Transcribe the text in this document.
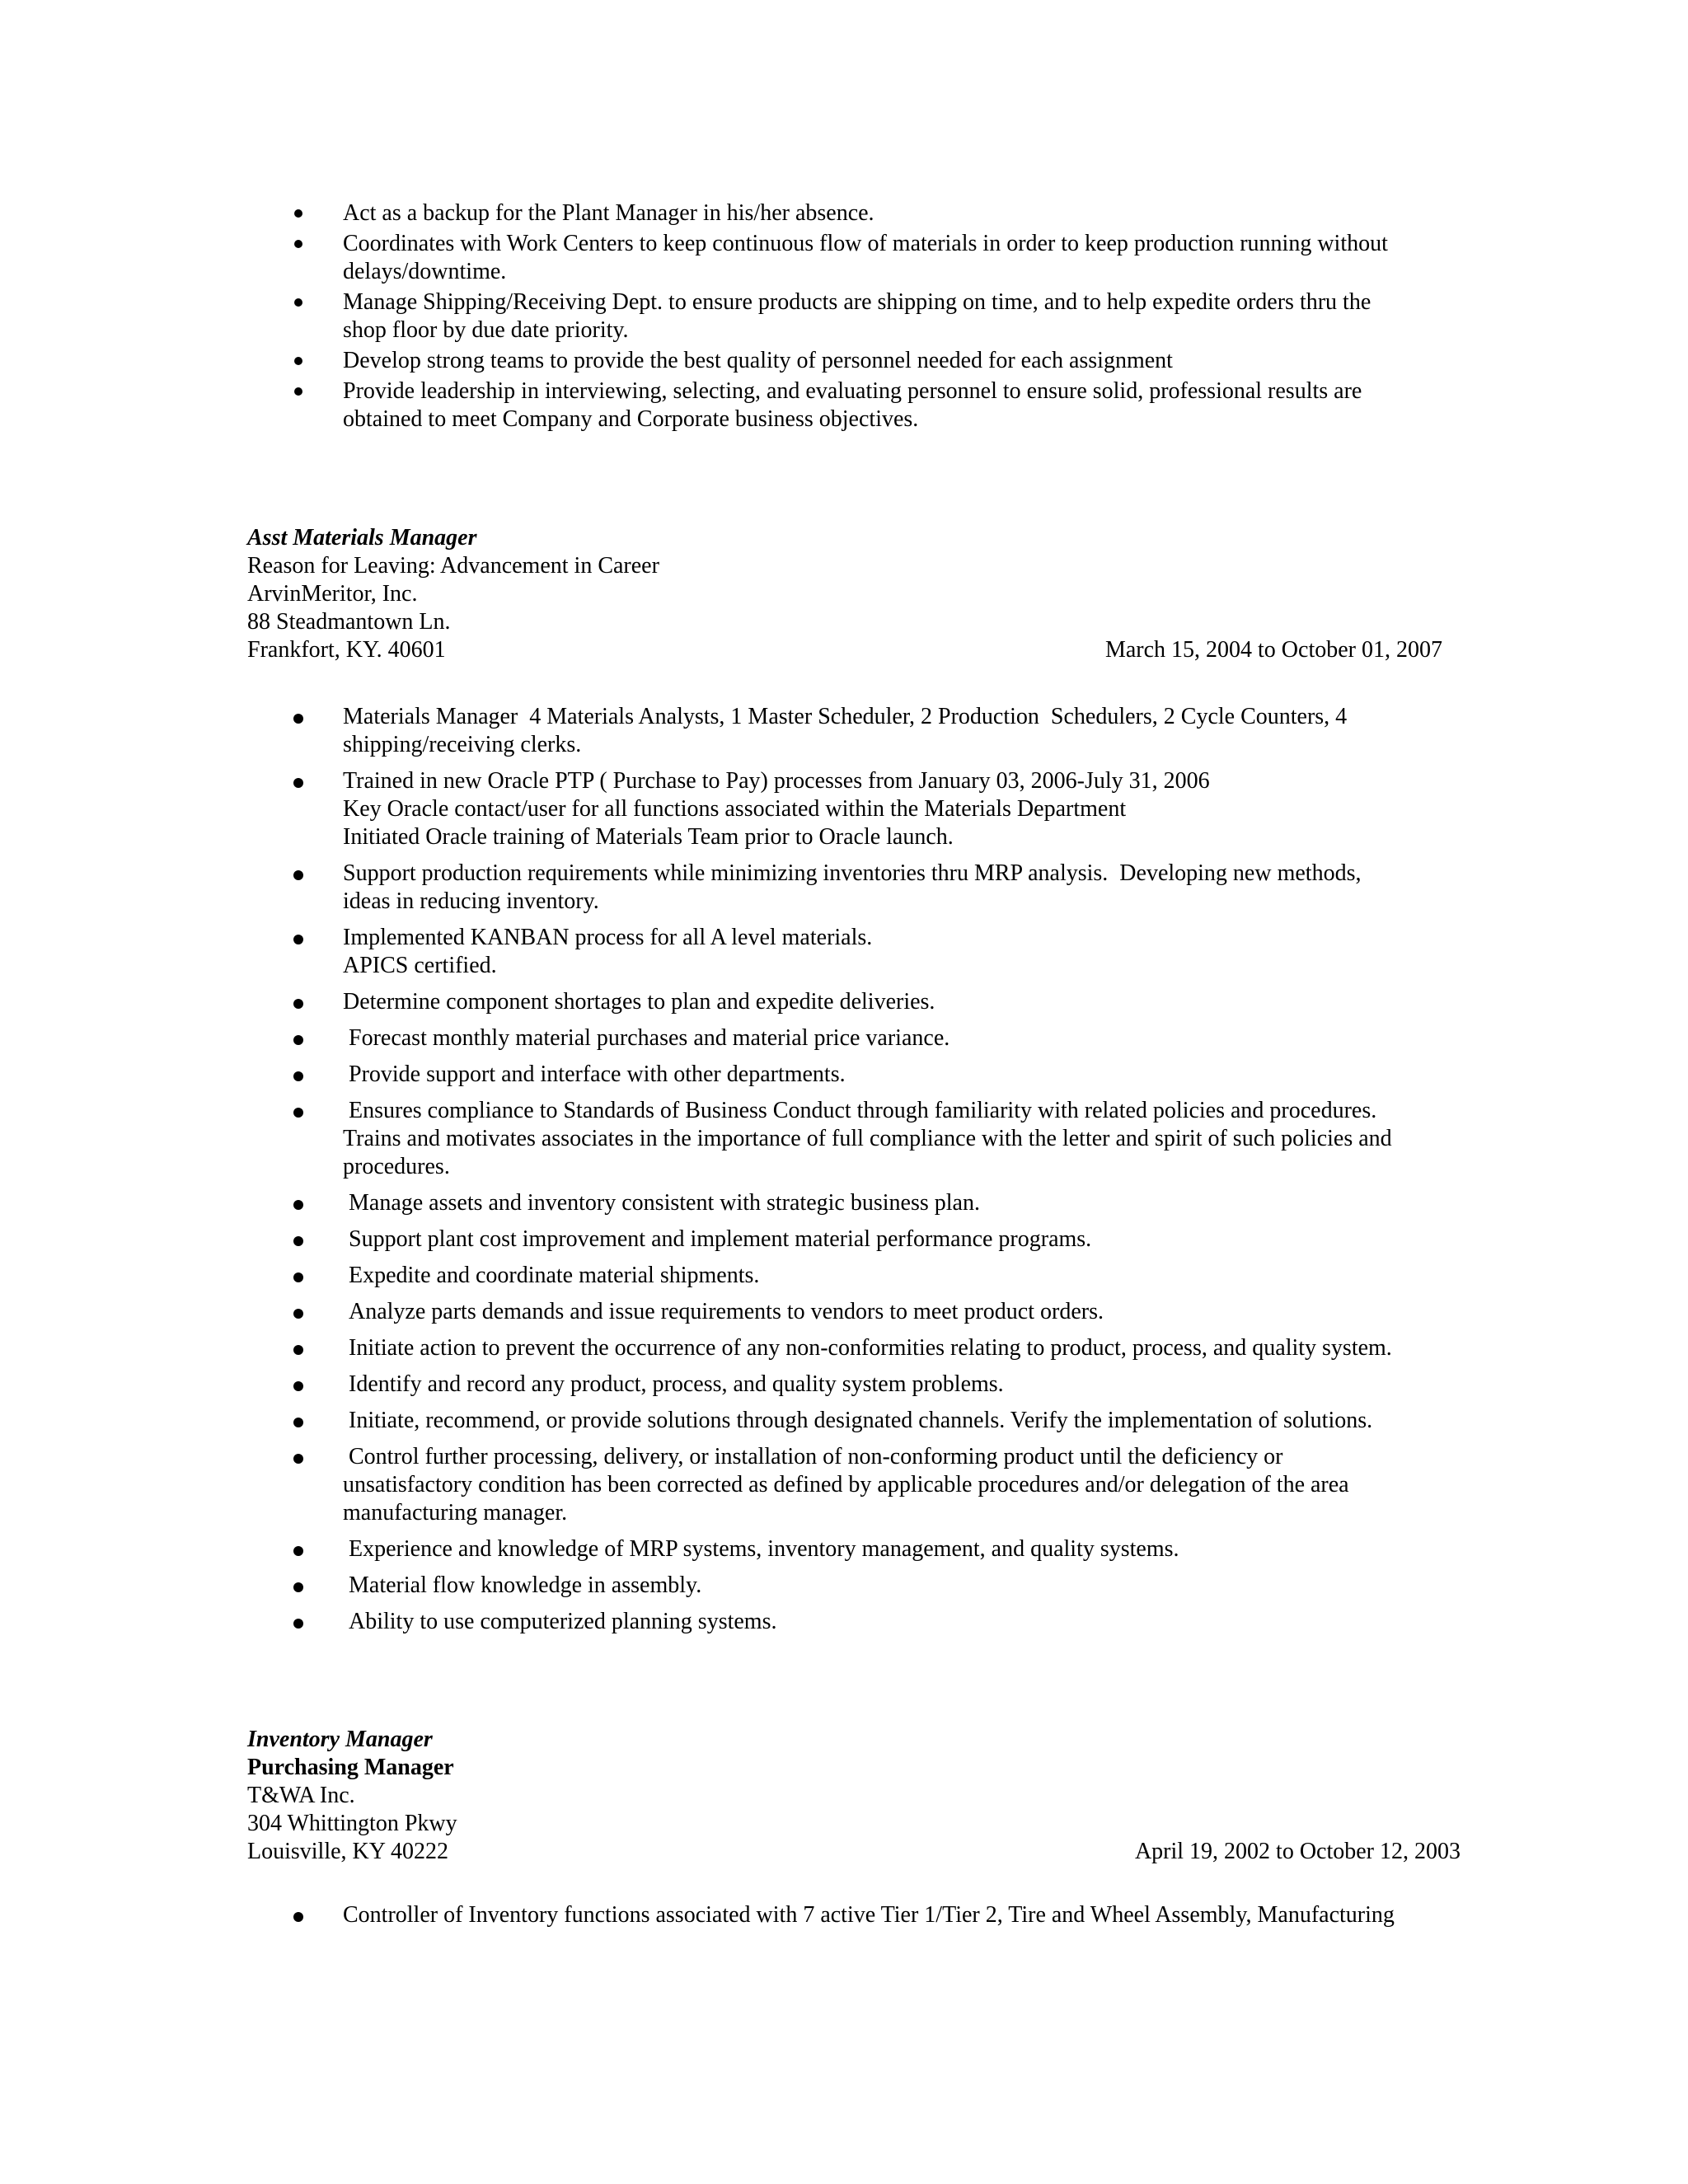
Act as a backup for the Plant Manager in his/her absence.
Coordinates with Work Centers to keep continuous flow of materials in order to keep production running without
delays/downtime.
Manage Shipping/Receiving Dept. to ensure products are shipping on time, and to help expedite orders thru the
shop floor by due date priority.
Develop strong teams to provide the best quality of personnel needed for each assignment
Provide leadership in interviewing, selecting, and evaluating personnel to ensure solid, professional results are
obtained to meet Company and Corporate business objectives.
Asst Materials Manager
Reason for Leaving: Advancement in Career
ArvinMeritor, Inc.
88 Steadmantown Ln.
Frankfort, KY. 40601	March 15, 2004 to October 01, 2007
Materials Manager  4 Materials Analysts, 1 Master Scheduler, 2 Production  Schedulers, 2 Cycle Counters, 4
shipping/receiving clerks.
Trained in new Oracle PTP ( Purchase to Pay) processes from January 03, 2006-July 31, 2006
Key Oracle contact/user for all functions associated within the Materials Department
Initiated Oracle training of Materials Team prior to Oracle launch.
Support production requirements while minimizing inventories thru MRP analysis.  Developing new methods,
ideas in reducing inventory.
Implemented KANBAN process for all A level materials.
APICS certified.
Determine component shortages to plan and expedite deliveries.
Forecast monthly material purchases and material price variance.
Provide support and interface with other departments.
Ensures compliance to Standards of Business Conduct through familiarity with related policies and procedures.
Trains and motivates associates in the importance of full compliance with the letter and spirit of such policies and
procedures.
Manage assets and inventory consistent with strategic business plan.
Support plant cost improvement and implement material performance programs.
Expedite and coordinate material shipments.
Analyze parts demands and issue requirements to vendors to meet product orders.
Initiate action to prevent the occurrence of any non-conformities relating to product, process, and quality system.
Identify and record any product, process, and quality system problems.
Initiate, recommend, or provide solutions through designated channels. Verify the implementation of solutions.
Control further processing, delivery, or installation of non-conforming product until the deficiency or
unsatisfactory condition has been corrected as defined by applicable procedures and/or delegation of the area
manufacturing manager.
Experience and knowledge of MRP systems, inventory management, and quality systems.
Material flow knowledge in assembly.
Ability to use computerized planning systems.
Inventory Manager
Purchasing Manager
T&WA Inc.
304 Whittington Pkwy
Louisville, KY 40222	April 19, 2002 to October 12, 2003
Controller of Inventory functions associated with 7 active Tier 1/Tier 2, Tire and Wheel Assembly, Manufacturing
